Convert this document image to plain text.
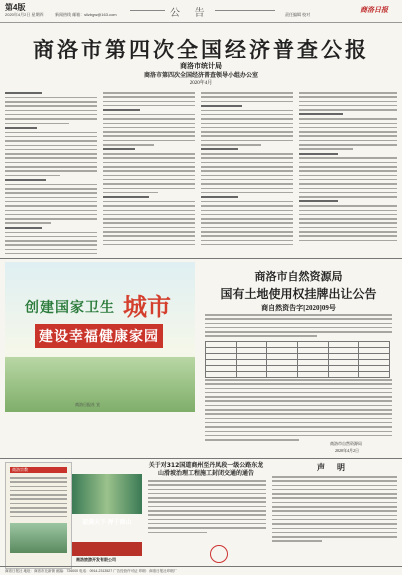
第4版
2020年4月2日 星期四	新闻热线 邮箱：sllzbgw@163.com	公 告	责任编辑 校对
商洛日报
商洛市第四次全国经济普查公报
商洛市统计局
商洛市第四次全国经济普查领导小组办公室
2020年4月
创建国家卫生 城市
建设幸福健康家园
商洛日报社 宣
商洛市自然资源局
国有土地使用权挂牌出让公告
商自然资告字[2020]09号

商洛市自然资源局
2020年4月2日
商洛宗教
福满天下 禅于商山
商洛旅游开发有限公司
关于对312国道商州至丹凤段一级公路东龙山滑坡治理工程施工封闭交通的通告
声 明
商洛日报社 地址：商洛市北新街 邮编：726000 电话：0914-2313527 广告经营许可证 印刷：商洛日报社印刷厂
